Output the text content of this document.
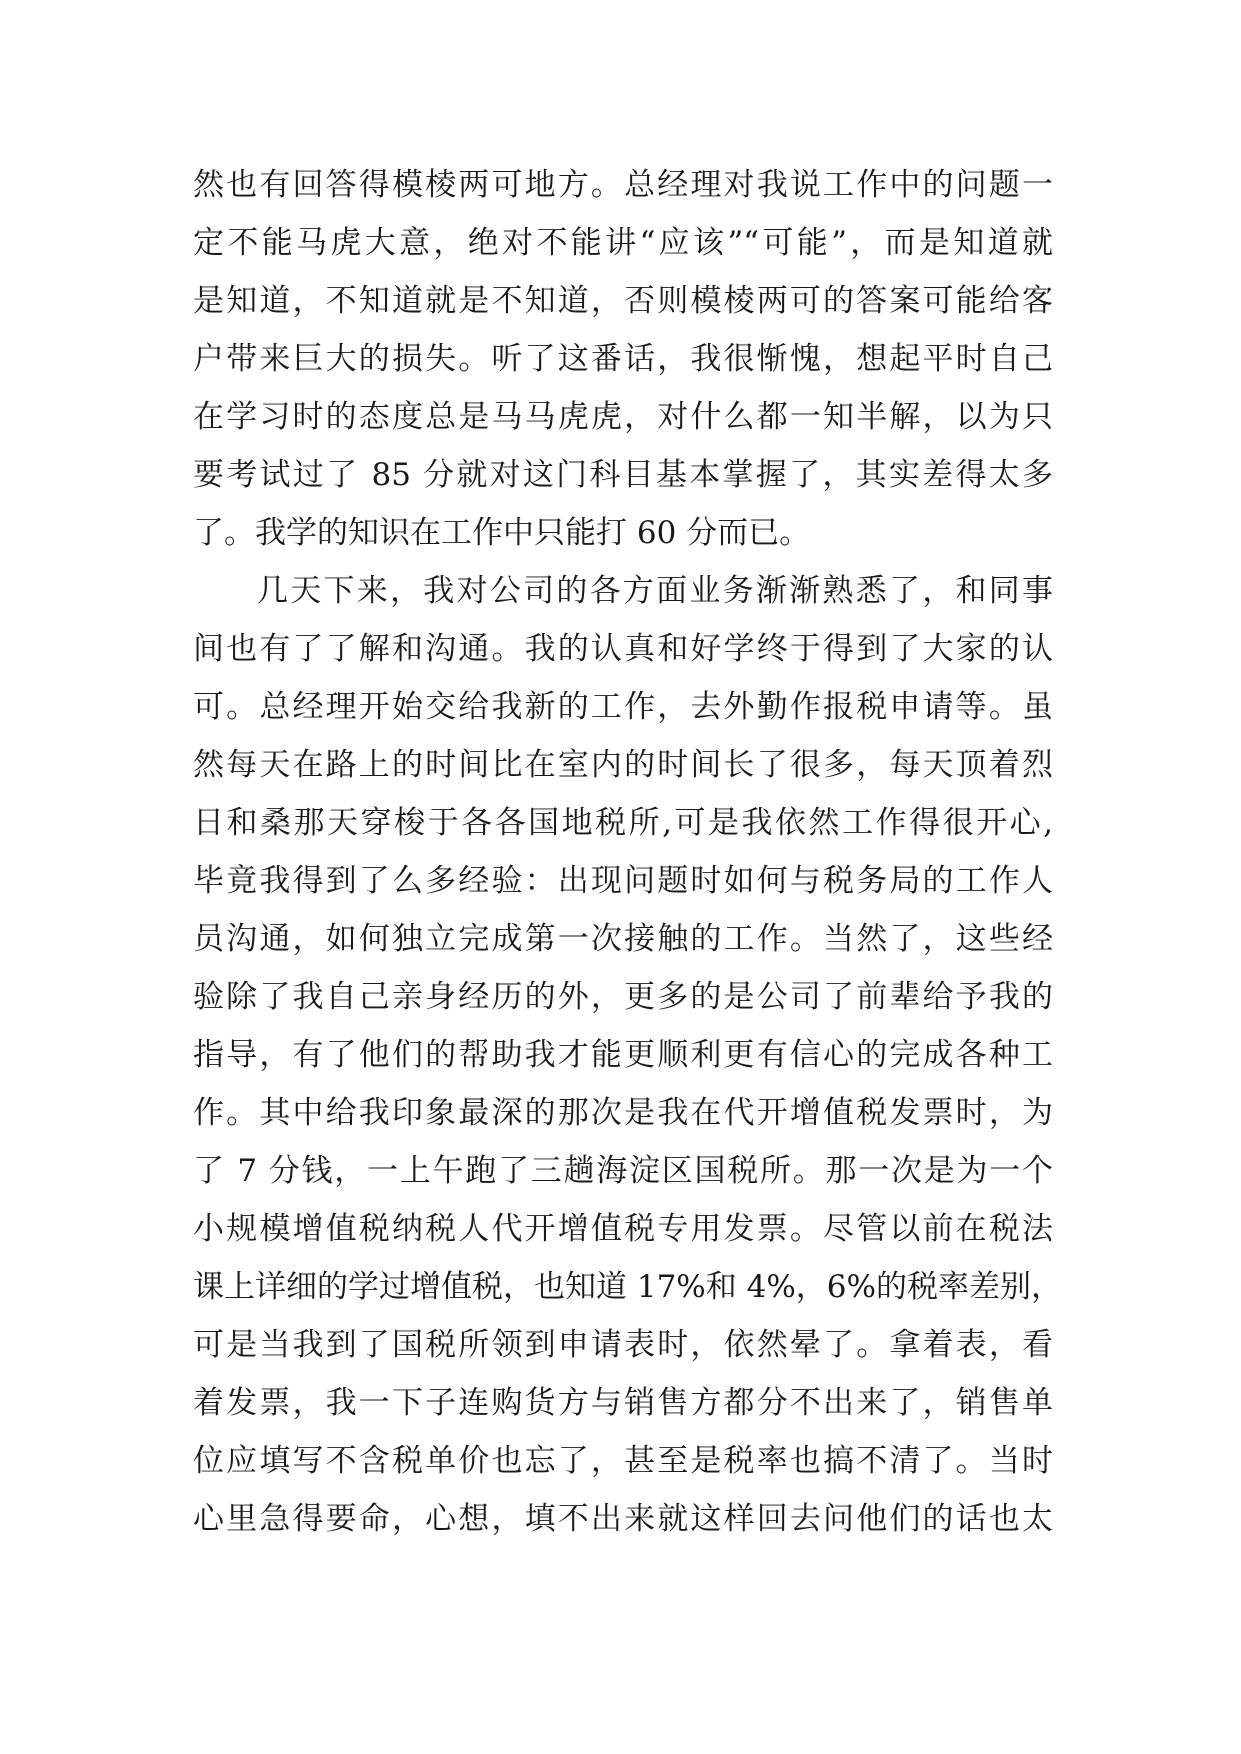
然也有回答得模棱两可地方。总经理对我说工作中的问题一
定不能马虎大意，绝对不能讲“应该”“可能”，而是知道就
是知道，不知道就是不知道，否则模棱两可的答案可能给客
户带来巨大的损失。听了这番话，我很惭愧，想起平时自己
在学习时的态度总是马马虎虎，对什么都一知半解，以为只
要考试过了 85 分就对这门科目基本掌握了，其实差得太多
了。我学的知识在工作中只能打 60 分而已。
几天下来，我对公司的各方面业务渐渐熟悉了，和同事
间也有了了解和沟通。我的认真和好学终于得到了大家的认
可。总经理开始交给我新的工作，去外勤作报税申请等。虽
然每天在路上的时间比在室内的时间长了很多，每天顶着烈
日和桑那天穿梭于各各国地税所,可是我依然工作得很开心,
毕竟我得到了么多经验：出现问题时如何与税务局的工作人
员沟通，如何独立完成第一次接触的工作。当然了，这些经
验除了我自己亲身经历的外，更多的是公司了前辈给予我的
指导，有了他们的帮助我才能更顺利更有信心的完成各种工
作。其中给我印象最深的那次是我在代开增值税发票时，为
了 7 分钱，一上午跑了三趟海淀区国税所。那一次是为一个
小规模增值税纳税人代开增值税专用发票。尽管以前在税法
课上详细的学过增值税，也知道 17%和 4%，6%的税率差别，
可是当我到了国税所领到申请表时，依然晕了。拿着表，看
着发票，我一下子连购货方与销售方都分不出来了，销售单
位应填写不含税单价也忘了，甚至是税率也搞不清了。当时
心里急得要命，心想，填不出来就这样回去问他们的话也太
